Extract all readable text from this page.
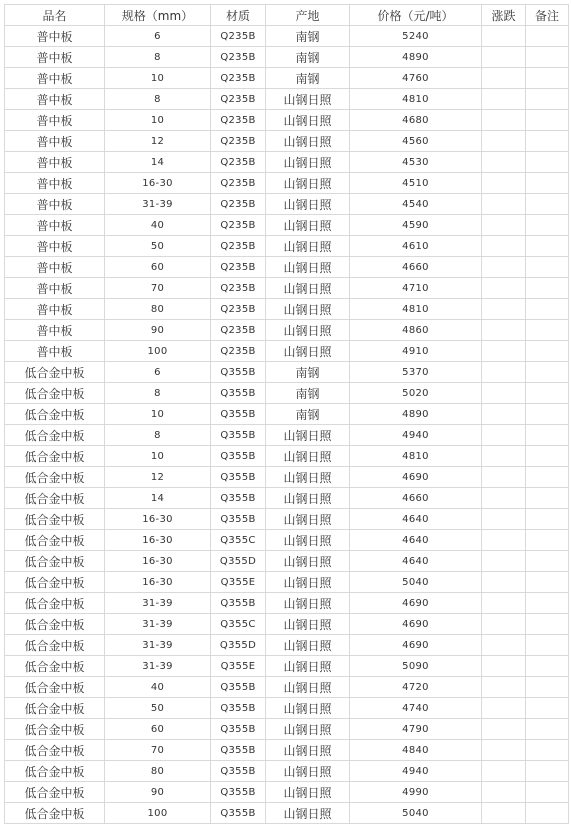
品名	规格（mm）	材质	产地	价格（元/吨）	涨跌	备注
普中板	6	Q235B	南钢	5240		
普中板	8	Q235B	南钢	4890		
普中板	10	Q235B	南钢	4760		
普中板	8	Q235B	山钢日照	4810		
普中板	10	Q235B	山钢日照	4680		
普中板	12	Q235B	山钢日照	4560		
普中板	14	Q235B	山钢日照	4530		
普中板	16-30	Q235B	山钢日照	4510		
普中板	31-39	Q235B	山钢日照	4540		
普中板	40	Q235B	山钢日照	4590		
普中板	50	Q235B	山钢日照	4610		
普中板	60	Q235B	山钢日照	4660		
普中板	70	Q235B	山钢日照	4710		
普中板	80	Q235B	山钢日照	4810		
普中板	90	Q235B	山钢日照	4860		
普中板	100	Q235B	山钢日照	4910		
低合金中板	6	Q355B	南钢	5370		
低合金中板	8	Q355B	南钢	5020		
低合金中板	10	Q355B	南钢	4890		
低合金中板	8	Q355B	山钢日照	4940		
低合金中板	10	Q355B	山钢日照	4810		
低合金中板	12	Q355B	山钢日照	4690		
低合金中板	14	Q355B	山钢日照	4660		
低合金中板	16-30	Q355B	山钢日照	4640		
低合金中板	16-30	Q355C	山钢日照	4640		
低合金中板	16-30	Q355D	山钢日照	4640		
低合金中板	16-30	Q355E	山钢日照	5040		
低合金中板	31-39	Q355B	山钢日照	4690		
低合金中板	31-39	Q355C	山钢日照	4690		
低合金中板	31-39	Q355D	山钢日照	4690		
低合金中板	31-39	Q355E	山钢日照	5090		
低合金中板	40	Q355B	山钢日照	4720		
低合金中板	50	Q355B	山钢日照	4740		
低合金中板	60	Q355B	山钢日照	4790		
低合金中板	70	Q355B	山钢日照	4840		
低合金中板	80	Q355B	山钢日照	4940		
低合金中板	90	Q355B	山钢日照	4990		
低合金中板	100	Q355B	山钢日照	5040		
